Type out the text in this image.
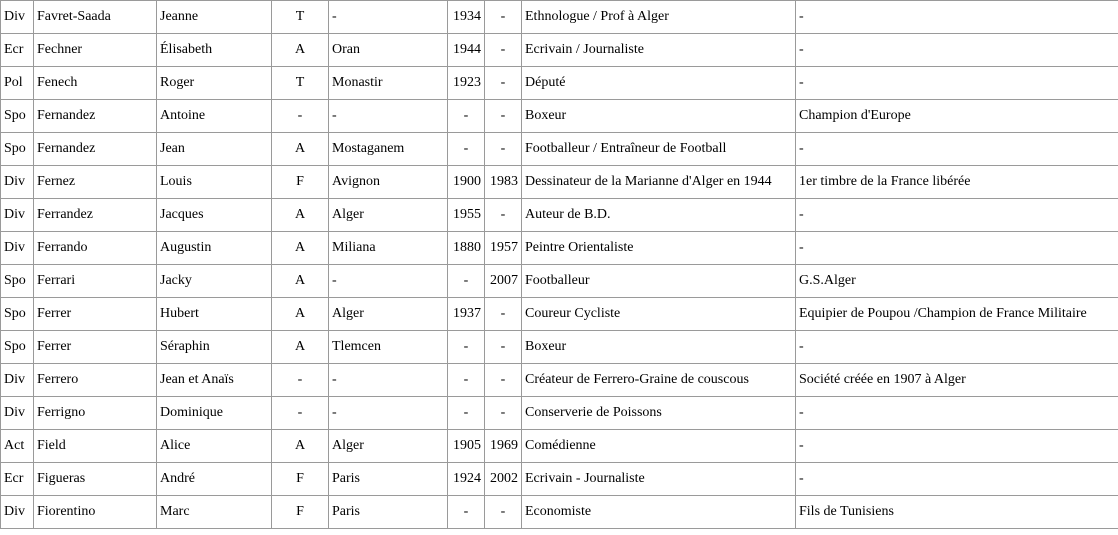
Div	Favret-Saada	Jeanne	T	-	1934	-	Ethnologue / Prof à Alger	-
Ecr	Fechner	Élisabeth	A	Oran	1944	-	Ecrivain / Journaliste	-
Pol	Fenech	Roger	T	Monastir	1923	-	Député	-
Spo	Fernandez	Antoine	-	-	-	-	Boxeur	Champion d'Europe
Spo	Fernandez	Jean	A	Mostaganem	-	-	Footballeur / Entraîneur de Football	-
Div	Fernez	Louis	F	Avignon	1900	1983	Dessinateur de la Marianne d'Alger en 1944	1er timbre de la France libérée
Div	Ferrandez	Jacques	A	Alger	1955	-	Auteur de B.D.	-
Div	Ferrando	Augustin	A	Miliana	1880	1957	Peintre Orientaliste	-
Spo	Ferrari	Jacky	A	-	-	2007	Footballeur	G.S.Alger
Spo	Ferrer	Hubert	A	Alger	1937	-	Coureur Cycliste	Equipier de Poupou /Champion de France Militaire
Spo	Ferrer	Séraphin	A	Tlemcen	-	-	Boxeur	-
Div	Ferrero	Jean et Anaïs	-	-	-	-	Créateur de Ferrero-Graine de couscous	Société créée en 1907 à Alger
Div	Ferrigno	Dominique	-	-	-	-	Conserverie de Poissons	-
Act	Field	Alice	A	Alger	1905	1969	Comédienne	-
Ecr	Figueras	André	F	Paris	1924	2002	Ecrivain - Journaliste	-
Div	Fiorentino	Marc	F	Paris	-	-	Economiste	Fils de Tunisiens
